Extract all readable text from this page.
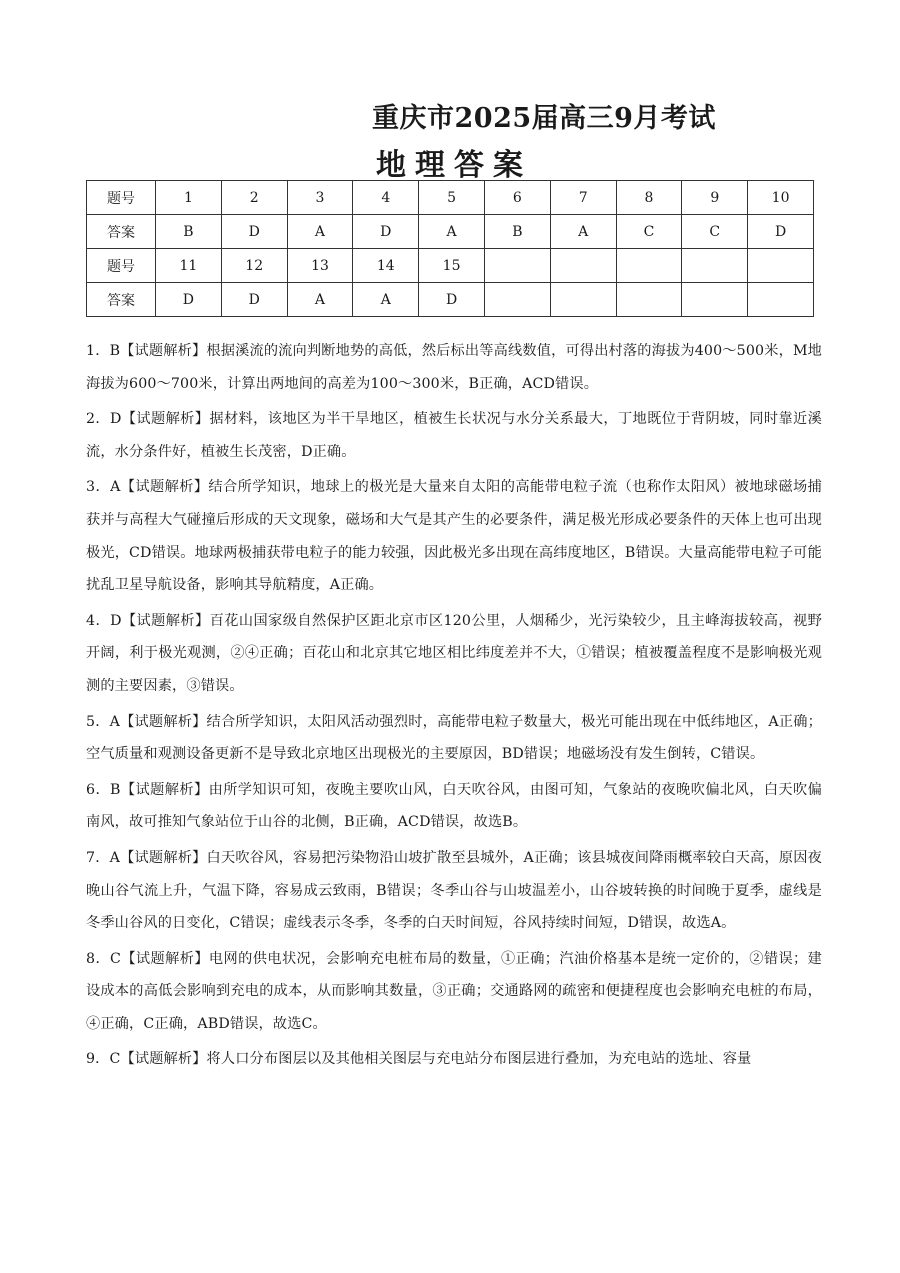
重庆市2025届高三9月考试
地理答案
题号	1	2	3	4	5	6	7	8	9	10
答案	B	D	A	D	A	B	A	C	C	D
题号	11	12	13	14	15					
答案	D	D	A	A	D					

1．B【试题解析】根据溪流的流向判断地势的高低，然后标出等高线数值，可得出村落的海拔为400～500米，M地海拔为600～700米，计算出两地间的高差为100～300米，B正确，ACD错误。

2．D【试题解析】据材料，该地区为半干旱地区，植被生长状况与水分关系最大，丁地既位于背阴坡，同时靠近溪流，水分条件好，植被生长茂密，D正确。

3．A【试题解析】结合所学知识，地球上的极光是大量来自太阳的高能带电粒子流（也称作太阳风）被地球磁场捕获并与高程大气碰撞后形成的天文现象，磁场和大气是其产生的必要条件，满足极光形成必要条件的天体上也可出现极光，CD错误。地球两极捕获带电粒子的能力较强，因此极光多出现在高纬度地区，B错误。大量高能带电粒子可能扰乱卫星导航设备，影响其导航精度，A正确。

4．D【试题解析】百花山国家级自然保护区距北京市区120公里，人烟稀少，光污染较少，且主峰海拔较高，视野开阔，利于极光观测，②④正确；百花山和北京其它地区相比纬度差并不大，①错误；植被覆盖程度不是影响极光观测的主要因素，③错误。

5．A【试题解析】结合所学知识，太阳风活动强烈时，高能带电粒子数量大，极光可能出现在中低纬地区，A正确；空气质量和观测设备更新不是导致北京地区出现极光的主要原因，BD错误；地磁场没有发生倒转，C错误。

6．B【试题解析】由所学知识可知，夜晚主要吹山风，白天吹谷风，由图可知，气象站的夜晚吹偏北风，白天吹偏南风，故可推知气象站位于山谷的北侧，B正确，ACD错误，故选B。

7．A【试题解析】白天吹谷风，容易把污染物沿山坡扩散至县城外，A正确；该县城夜间降雨概率较白天高，原因夜晚山谷气流上升，气温下降，容易成云致雨，B错误；冬季山谷与山坡温差小，山谷坡转换的时间晚于夏季，虚线是冬季山谷风的日变化，C错误；虚线表示冬季，冬季的白天时间短，谷风持续时间短，D错误，故选A。

8．C【试题解析】电网的供电状况，会影响充电桩布局的数量，①正确；汽油价格基本是统一定价的，②错误；建设成本的高低会影响到充电的成本，从而影响其数量，③正确；交通路网的疏密和便捷程度也会影响充电桩的布局，④正确，C正确，ABD错误，故选C。

9．C【试题解析】将人口分布图层以及其他相关图层与充电站分布图层进行叠加，为充电站的选址、容量
